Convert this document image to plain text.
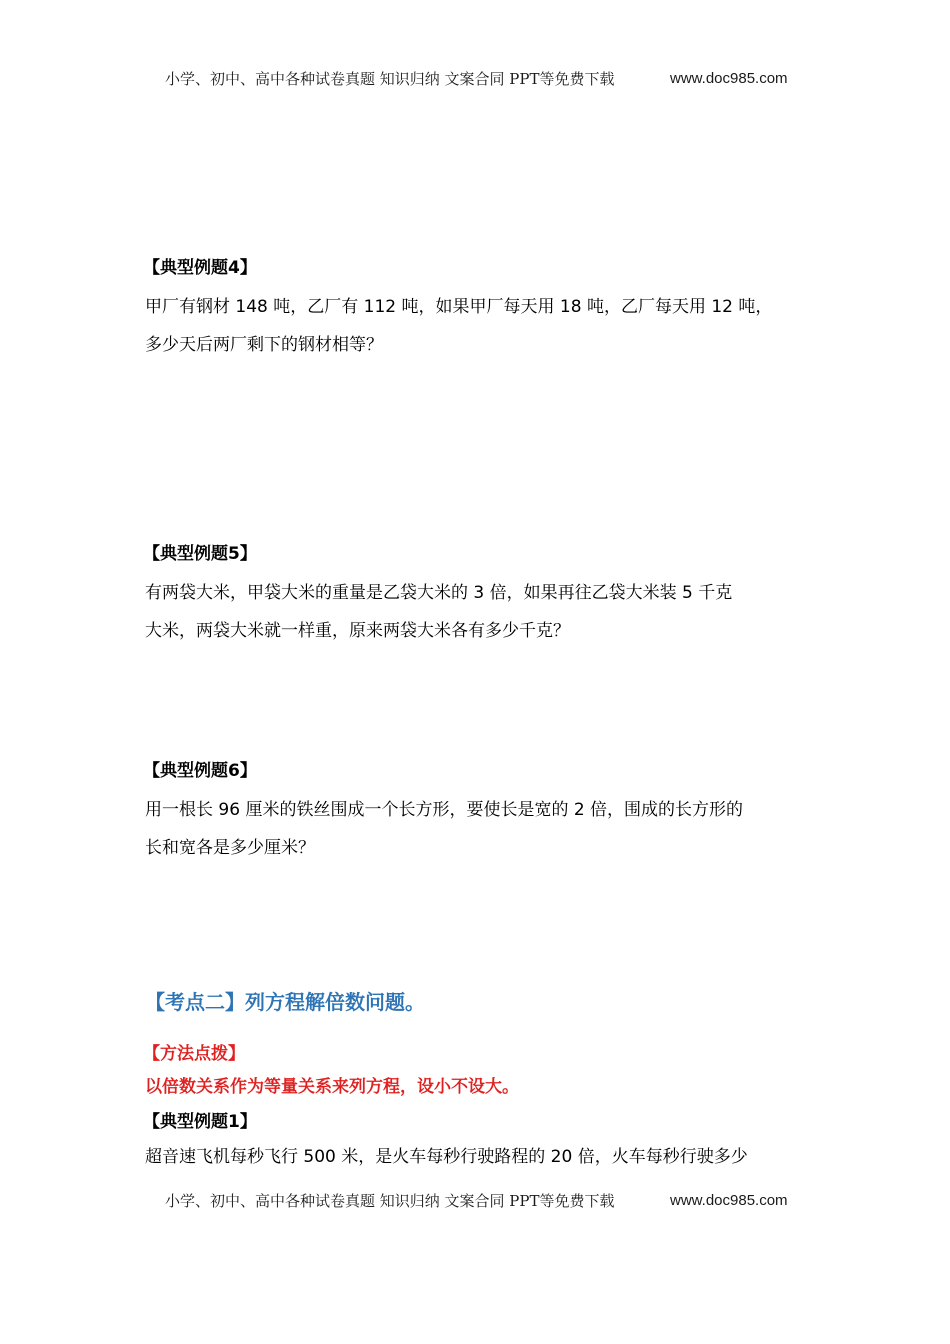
小学、初中、高中各种试卷真题 知识归纳 文案合同 PPT等免费下载	www.doc985.com
【典型例题4】
甲厂有钢材 148 吨，乙厂有 112 吨，如果甲厂每天用 18 吨，乙厂每天用 12 吨，
多少天后两厂剩下的钢材相等？
【典型例题5】
有两袋大米，甲袋大米的重量是乙袋大米的 3 倍，如果再往乙袋大米装 5 千克
大米，两袋大米就一样重，原来两袋大米各有多少千克？
【典型例题6】
用一根长 96 厘米的铁丝围成一个长方形，要使长是宽的 2 倍，围成的长方形的
长和宽各是多少厘米？
【考点二】列方程解倍数问题。
【方法点拨】
以倍数关系作为等量关系来列方程，设小不设大。
【典型例题1】
超音速飞机每秒飞行 500 米，是火车每秒行驶路程的 20 倍，火车每秒行驶多少
小学、初中、高中各种试卷真题 知识归纳 文案合同 PPT等免费下载	www.doc985.com
